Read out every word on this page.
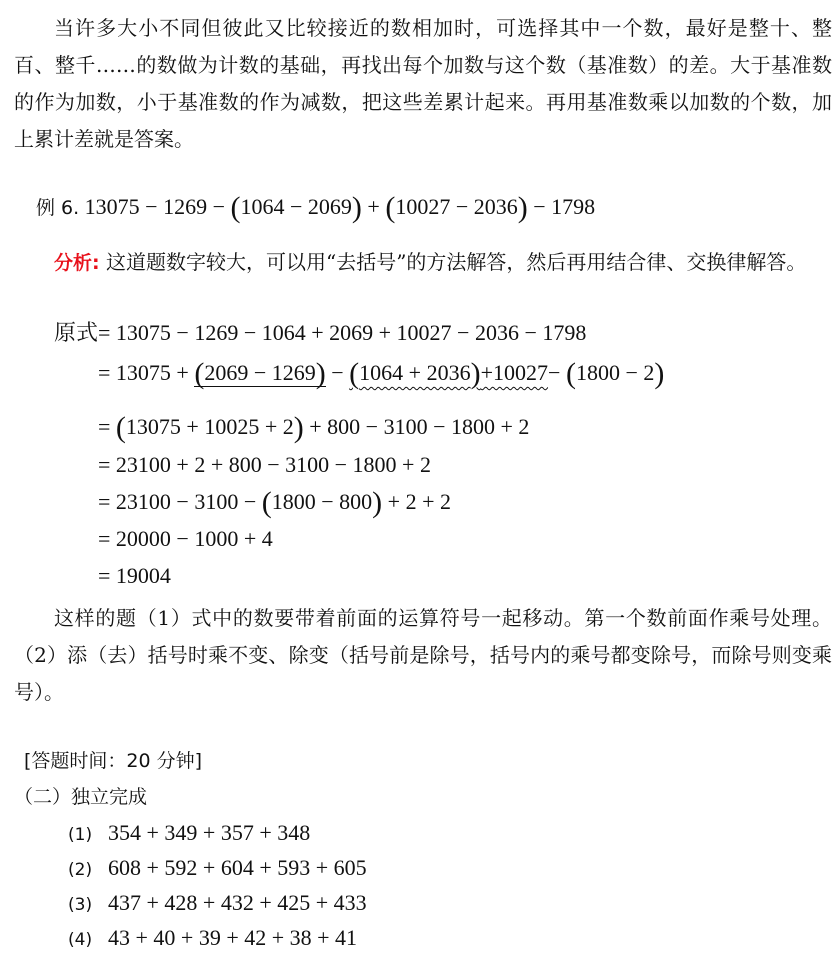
当许多大小不同但彼此又比较接近的数相加时，可选择其中一个数，最好是整十、整百、整千……的数做为计数的基础，再找出每个加数与这个数（基准数）的差。大于基准数的作为加数，小于基准数的作为减数，把这些差累计起来。再用基准数乘以加数的个数，加上累计差就是答案。

例 6. 13075 − 1269 − (1064 − 2069) + (10027 − 2036) − 1798

分析: 这道题数字较大，可以用“去括号”的方法解答，然后再用结合律、交换律解答。

原式= 13075 − 1269 − 1064 + 2069 + 10027 − 2036 − 1798
= 13075 + (2069 − 1269) − (1064 + 2036)+10027− (1800 − 2)
= (13075 + 10025 + 2) + 800 − 3100 − 1800 + 2
= 23100 + 2 + 800 − 3100 − 1800 + 2
= 23100 − 3100 − (1800 − 800) + 2 + 2
= 20000 − 1000 + 4
= 19004

这样的题（1）式中的数要带着前面的运算符号一起移动。第一个数前面作乘号处理。（2）添（去）括号时乘不变、除变（括号前是除号，括号内的乘号都变除号，而除号则变乘号）。

[答题时间：20 分钟]
（二）独立完成
(1) 354 + 349 + 357 + 348
(2) 608 + 592 + 604 + 593 + 605
(3) 437 + 428 + 432 + 425 + 433
(4) 43 + 40 + 39 + 42 + 38 + 41
